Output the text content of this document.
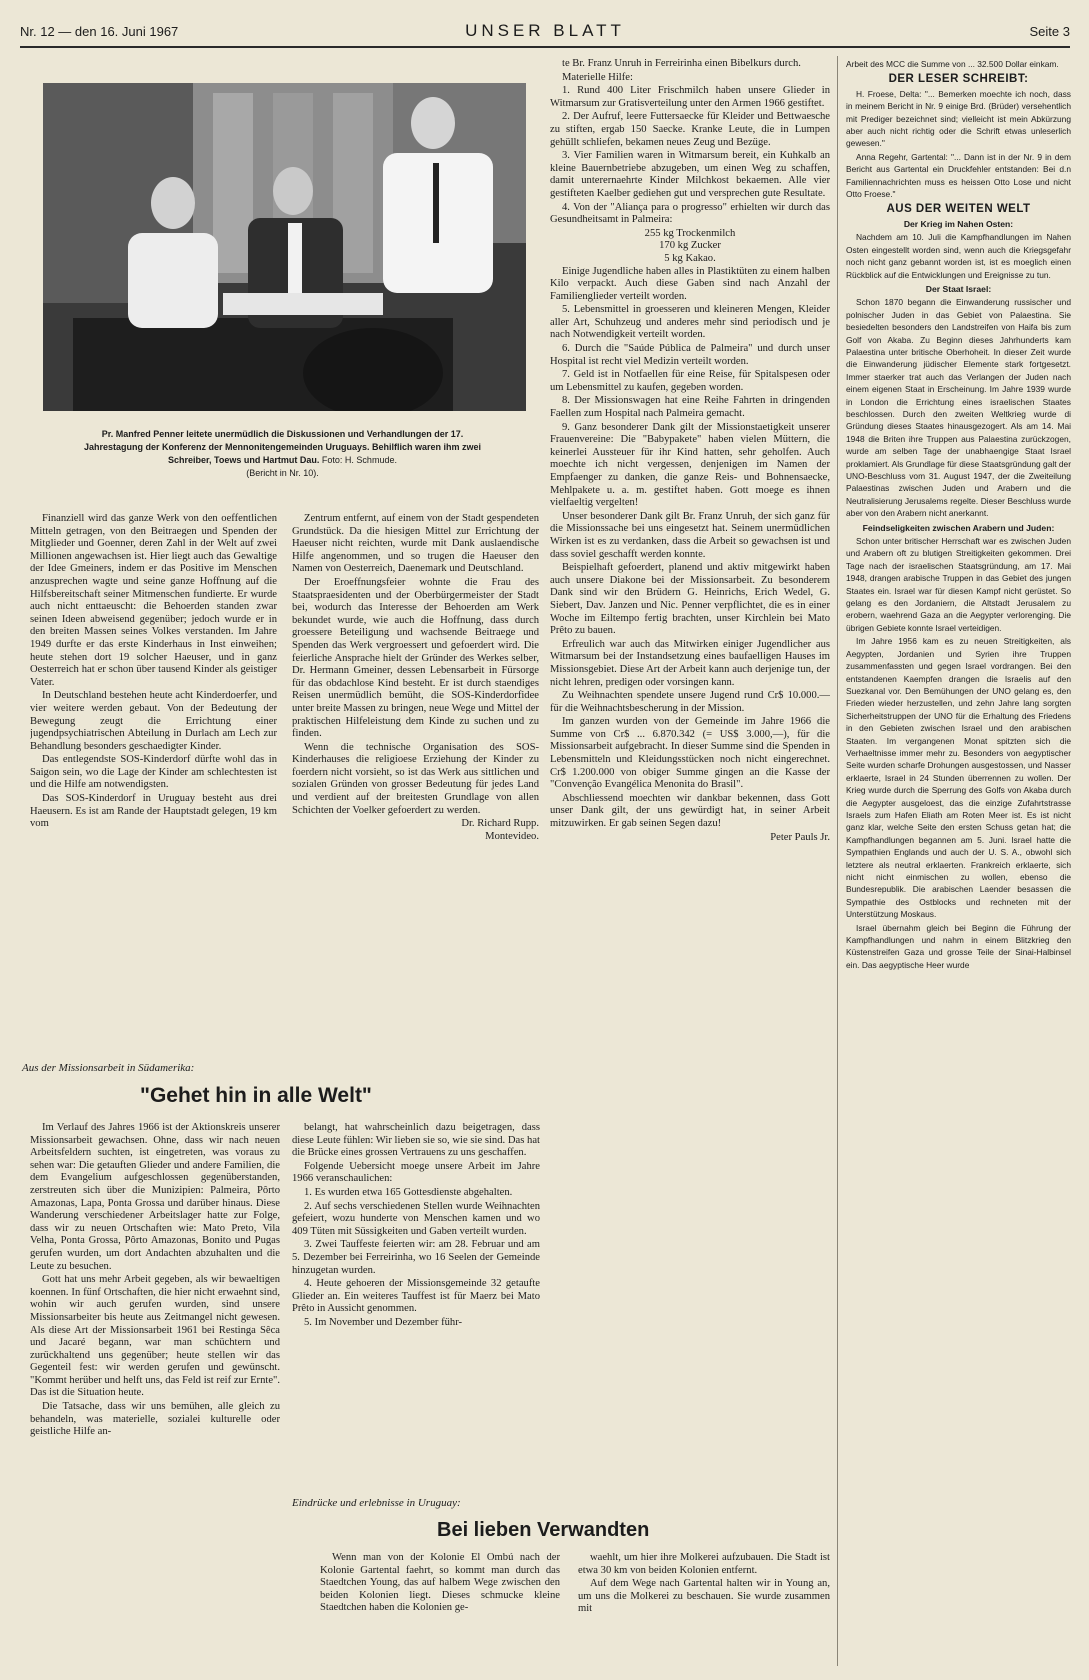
Nr. 12 — den 16. Juni 1967	UNSER BLATT	Seite 3
Pr. Manfred Penner leitete unermüdlich die Diskussionen und Verhandlungen der 17. Jahrestagung der Konferenz der Mennonitengemeinden Uruguays. Behilflich waren ihm zwei Schreiber, Toews und Hartmut Dau. Foto: H. Schmude.
(Bericht in Nr. 10).

Finanziell wird das ganze Werk von den oeffentlichen Mitteln getragen, von den Beitraegen und Spenden der Mitglieder und Goenner, deren Zahl in der Welt auf zwei Millionen angewachsen ist. Hier liegt auch das Gewaltige der Idee Gmeiners, indem er das Positive im Menschen anzusprechen wagte und seine ganze Hoffnung auf die Hilfsbereitschaft seiner Mitmenschen fundierte. Er wurde auch nicht enttaeuscht: die Behoerden standen zwar seinen Ideen abweisend gegenüber; jedoch wurde er in den breiten Massen seines Volkes verstanden. Im Jahre 1949 durfte er das erste Kinderhaus in Inst einweihen; heute stehen dort 19 solcher Haeuser, und in ganz Oesterreich hat er schon über tausend Kinder als geistiger Vater.

In Deutschland bestehen heute acht Kinderdoerfer, und vier weitere werden gebaut. Von der Bedeutung der Bewegung zeugt die Errichtung einer jugendpsychiatrischen Abteilung in Durlach am Lech zur Behandlung besonders geschaedigter Kinder.

Das entlegendste SOS-Kinderdorf dürfte wohl das in Saigon sein, wo die Lage der Kinder am schlechtesten ist und die Hilfe am notwendigsten.

Das SOS-Kinderdorf in Uruguay besteht aus drei Haeusern. Es ist am Rande der Hauptstadt gelegen, 19 km vom

Zentrum entfernt, auf einem von der Stadt gespendeten Grundstück. Da die hiesigen Mittel zur Errichtung der Haeuser nicht reichten, wurde mit Dank auslaendische Hilfe angenommen, und so trugen die Haeuser den Namen von Oesterreich, Daenemark und Deutschland.

Der Eroeffnungsfeier wohnte die Frau des Staatspraesidenten und der Oberbürgermeister der Stadt bei, wodurch das Interesse der Behoerden am Werk bekundet wurde, wie auch die Hoffnung, dass durch groessere Beteiligung und wachsende Beitraege und Spenden das Werk vergroessert und gefoerdert wird. Die feierliche Ansprache hielt der Gründer des Werkes selber, Dr. Hermann Gmeiner, dessen Lebensarbeit in Fürsorge für das obdachlose Kind besteht. Er ist durch staendiges Reisen unermüdlich bemüht, die SOS-Kinderdorfidee unter breite Massen zu bringen, neue Wege und Mittel der praktischen Hilfeleistung dem Kinde zu suchen und zu finden.

Wenn die technische Organisation des SOS-Kinderhauses die religioese Erziehung der Kinder zu foerdern nicht vorsieht, so ist das Werk aus sittlichen und sozialen Gründen von grosser Bedeutung für jedes Land und verdient auf der breitesten Grundlage von allen Schichten der Voelker gefoerdert zu werden.

Dr. Richard Rupp.
Montevideo.
Aus der Missionsarbeit in Südamerika:
"Gehet hin in alle Welt"

Im Verlauf des Jahres 1966 ist der Aktionskreis unserer Missionsarbeit gewachsen. Ohne, dass wir nach neuen Arbeitsfeldern suchten, ist eingetreten, was voraus zu sehen war: Die getauften Glieder und andere Familien, die dem Evangelium aufgeschlossen gegenüberstanden, zerstreuten sich über die Munizipien: Palmeira, Pôrto Amazonas, Lapa, Ponta Grossa und darüber hinaus. Diese Wanderung verschiedener Arbeitslager hatte zur Folge, dass wir zu neuen Ortschaften wie: Mato Preto, Vila Velha, Ponta Grossa, Pôrto Amazonas, Bonito und Pugas gerufen wurden, um dort Andachten abzuhalten und die Leute zu besuchen.

Gott hat uns mehr Arbeit gegeben, als wir bewaeltigen koennen. In fünf Ortschaften, die hier nicht erwaehnt sind, wohin wir auch gerufen wurden, sind unsere Missionsarbeiter bis heute aus Zeitmangel nicht gewesen. Als diese Art der Missionsarbeit 1961 bei Restinga Sêca und Jacaré begann, war man schüchtern und zurückhaltend uns gegenüber; heute stellen wir das Gegenteil fest: wir werden gerufen und gewünscht. "Kommt herüber und helft uns, das Feld ist reif zur Ernte". Das ist die Situation heute.

Die Tatsache, dass wir uns bemühen, alle gleich zu behandeln, was materielle, sozialei kulturelle oder geistliche Hilfe an-

belangt, hat wahrscheinlich dazu beigetragen, dass diese Leute fühlen: Wir lieben sie so, wie sie sind. Das hat die Brücke eines grossen Vertrauens zu uns geschaffen.

Folgende Uebersicht moege unsere Arbeit im Jahre 1966 veranschaulichen:

1. Es wurden etwa 165 Gottesdienste abgehalten.

2. Auf sechs verschiedenen Stellen wurde Weihnachten gefeiert, wozu hunderte von Menschen kamen und wo 409 Tüten mit Süssigkeiten und Gaben verteilt wurden.

3. Zwei Tauffeste feierten wir: am 28. Februar und am 5. Dezember bei Ferreirinha, wo 16 Seelen der Gemeinde hinzugetan wurden.

4. Heute gehoeren der Missionsgemeinde 32 getaufte Glieder an. Ein weiteres Tauffest ist für Maerz bei Mato Prêto in Aussicht genommen.

5. Im November und Dezember führ-

te Br. Franz Unruh in Ferreirinha einen Bibelkurs durch.

Materielle Hilfe:

1. Rund 400 Liter Frischmilch haben unsere Glieder in Witmarsum zur Gratisverteilung unter den Armen 1966 gestiftet.

2. Der Aufruf, leere Futtersaecke für Kleider und Bettwaesche zu stiften, ergab 150 Saecke. Kranke Leute, die in Lumpen gehüllt schliefen, bekamen neues Zeug und Bezüge.

3. Vier Familien waren in Witmarsum bereit, ein Kuhkalb an kleine Bauernbetriebe abzugeben, um einen Weg zu schaffen, damit unterernaehrte Kinder Milchkost bekaemen. Alle vier gestifteten Kaelber gediehen gut und versprechen gute Resultate.

4. Von der "Aliança para o progresso" erhielten wir durch das Gesundheitsamt in Palmeira:

255 kg Trockenmilch
170 kg Zucker
5 kg Kakao.

Einige Jugendliche haben alles in Plastiktüten zu einem halben Kilo verpackt. Auch diese Gaben sind nach Anzahl der Familienglieder verteilt worden.

5. Lebensmittel in groesseren und kleineren Mengen, Kleider aller Art, Schuhzeug und anderes mehr sind periodisch und je nach Notwendigkeit verteilt worden.

6. Durch die "Saúde Pública de Palmeira" und durch unser Hospital ist recht viel Medizin verteilt worden.

7. Geld ist in Notfaellen für eine Reise, für Spitalspesen oder um Lebensmittel zu kaufen, gegeben worden.

8. Der Missionswagen hat eine Reihe Fahrten in dringenden Faellen zum Hospital nach Palmeira gemacht.

9. Ganz besonderer Dank gilt der Missionstaetigkeit unserer Frauenvereine: Die "Babypakete" haben vielen Müttern, die keinerlei Aussteuer für ihr Kind hatten, sehr geholfen. Auch moechte ich nicht vergessen, denjenigen im Namen der Empfaenger zu danken, die ganze Reis- und Bohnensaecke, Mehlpakete u. a. m. gestiftet haben. Gott moege es ihnen vielfaeltig vergelten!

Unser besonderer Dank gilt Br. Franz Unruh, der sich ganz für die Missionssache bei uns eingesetzt hat. Seinem unermüdlichen Wirken ist es zu verdanken, dass die Arbeit so gewachsen ist und dass soviel geschafft werden konnte.

Beispielhaft gefoerdert, planend und aktiv mitgewirkt haben auch unsere Diakone bei der Missionsarbeit. Zu besonderem Dank sind wir den Brüdern G. Heinrichs, Erich Wedel, G. Siebert, Dav. Janzen und Nic. Penner verpflichtet, die es in einer Woche im Eiltempo fertig brachten, unser Kirchlein bei Mato Prêto zu bauen.

Erfreulich war auch das Mitwirken einiger Jugendlicher aus Witmarsum bei der Instandsetzung eines baufaelligen Hauses im Missionsgebiet. Diese Art der Arbeit kann auch derjenige tun, der nicht lehren, predigen oder vorsingen kann.

Zu Weihnachten spendete unsere Jugend rund Cr$ 10.000.— für die Weihnachtsbescherung in der Mission.

Im ganzen wurden von der Gemeinde im Jahre 1966 die Summe von Cr$ ... 6.870.342 (= US$ 3.000,—), für die Missionsarbeit aufgebracht. In dieser Summe sind die Spenden in Lebensmitteln und Kleidungsstücken noch nicht eingerechnet. Cr$ 1.200.000 von obiger Summe gingen an die Kasse der "Convenção Evangélica Menonita do Brasil".

Abschliessend moechten wir dankbar bekennen, dass Gott unser Dank gilt, der uns gewürdigt hat, in seiner Arbeit mitzuwirken. Er gab seinen Segen dazu!

Peter Pauls Jr.
Eindrücke und erlebnisse in Uruguay:
Bei lieben Verwandten

Wenn man von der Kolonie El Ombú nach der Kolonie Gartental faehrt, so kommt man durch das Staedtchen Young, das auf halbem Wege zwischen den beiden Kolonien liegt. Dieses schmucke kleine Staedtchen haben die Kolonien ge-

waehlt, um hier ihre Molkerei aufzubauen. Die Stadt ist etwa 30 km von beiden Kolonien entfernt.

Auf dem Wege nach Gartental halten wir in Young an, um uns die Molkerei zu beschauen. Sie wurde zusammen mit

Arbeit des MCC die Summe von ... 32.500 Dollar einkam.

DER LESER SCHREIBT:

H. Froese, Delta: "... Bemerken moechte ich noch, dass in meinem Bericht in Nr. 9 einige Brd. (Brüder) versehentlich mit Prediger bezeichnet sind; vielleicht ist mein Abkürzung aber auch nicht richtig oder die Schrift etwas unleserlich gewesen."

Anna Regehr, Gartental: "... Dann ist in der Nr. 9 in dem Bericht aus Gartental ein Druckfehler entstanden: Bei d.n Familiennachrichten muss es heissen Otto Lose und nicht Otto Froese."

AUS DER WEITEN WELT
Der Krieg im Nahen Osten:

Nachdem am 10. Juli die Kampfhandlungen im Nahen Osten eingestellt worden sind, wenn auch die Kriegsgefahr noch nicht ganz gebannt worden ist, ist es moeglich einen Rückblick auf die Entwicklungen und Ereignisse zu tun.

Der Staat Israel:

Schon 1870 begann die Einwanderung russischer und polnischer Juden in das Gebiet von Palaestina. Sie besiedelten besonders den Landstreifen von Haifa bis zum Golf von Akaba. Zu Beginn dieses Jahrhunderts kam Palaestina unter britische Oberhoheit. In dieser Zeit wurde die Einwanderung jüdischer Elemente stark fortgesetzt. Immer staerker trat auch das Verlangen der Juden nach einem eigenen Staat in Erscheinung. Im Jahre 1939 wurde in London die Errichtung eines israelischen Staates beschlossen. Durch den zweiten Weltkrieg wurde di Gründung dieses Staates hinausgezogert. Als am 14. Mai 1948 die Briten ihre Truppen aus Palaestina zurückzogen, wurde am selben Tage der unabhaengige Staat Israel proklamiert. Als Grundlage für diese Staatsgründung galt der UNO-Beschluss vom 31. August 1947, der die Zweiteilung Palaestinas zwischen Juden und Arabern und die Neutralisierung Jerusalems regelte. Dieser Beschluss wurde aber von den Arabern nicht anerkannt.

Feindseligkeiten zwischen Arabern und Juden:

Schon unter britischer Herrschaft war es zwischen Juden und Arabern oft zu blutigen Streitigkeiten gekommen. Drei Tage nach der israelischen Staatsgründung, am 17. Mai 1948, drangen arabische Truppen in das Gebiet des jungen Staates ein. Israel war für diesen Kampf nicht gerüstet. So gelang es den Jordaniern, die Altstadt Jerusalem zu erobern, waehrend Gaza an die Aegypter verlorenging. Die übrigen Gebiete konnte Israel verteidigen.

Im Jahre 1956 kam es zu neuen Streitigkeiten, als Aegypten, Jordanien und Syrien ihre Truppen zusammenfassten und gegen Israel vordrangen. Bei den entstandenen Kaempfen drangen die Israelis auf den Suezkanal vor. Den Bemühungen der UNO gelang es, den Frieden wieder herzustellen, und zehn Jahre lang sorgten Sicherheitstruppen der UNO für die Erhaltung des Friedens in den Gebieten zwischen Israel und den arabischen Staaten. Im vergangenen Monat spitzten sich die Verhaeltnisse immer mehr zu. Besonders von aegyptischer Seite wurden scharfe Drohungen ausgestossen, und Nasser erklaerte, Israel in 24 Stunden überrennen zu wollen. Der Krieg wurde durch die Sperrung des Golfs von Akaba durch die Aegypter ausgeloest, das die einzige Zufahrtstrasse Israels zum Hafen Eliath am Roten Meer ist. Es ist nicht ganz klar, welche Seite den ersten Schuss getan hat; die Kampfhandlungen begannen am 5. Juni. Israel hatte die Sympathien Englands und auch der U. S. A., obwohl sich letztere als neutral erklaerten. Frankreich erklaerte, sich nicht nicht einmischen zu wollen, ebenso die Bundesrepublik. Die arabischen Laender besassen die Sympathie des Ostblocks und rechneten mit der Unterstützung Moskaus.

Israel übernahm gleich bei Beginn die Führung der Kampfhandlungen und nahm in einem Blitzkrieg den Küstenstreifen Gaza und grosse Teile der Sinai-Halbinsel ein. Das aegyptische Heer wurde
